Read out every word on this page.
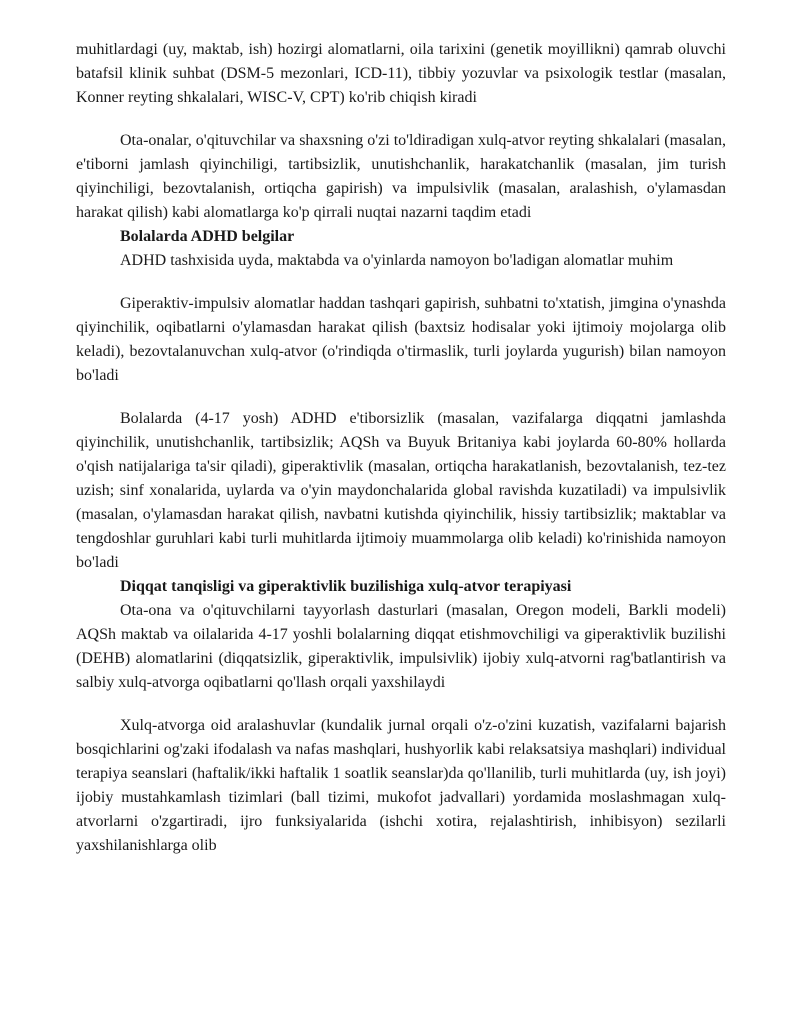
muhitlardagi (uy, maktab, ish) hozirgi alomatlarni, oila tarixini (genetik moyillikni) qamrab oluvchi batafsil klinik suhbat (DSM-5 mezonlari, ICD-11), tibbiy yozuvlar va psixologik testlar (masalan, Konner reyting shkalalari, WISC-V, CPT) ko'rib chiqish kiradi

Ota-onalar, o'qituvchilar va shaxsning o'zi to'ldiradigan xulq-atvor reyting shkalalari (masalan, e'tiborni jamlash qiyinchiligi, tartibsizlik, unutishchanlik, harakatchanlik (masalan, jim turish qiyinchiligi, bezovtalanish, ortiqcha gapirish) va impulsivlik (masalan, aralashish, o'ylamasdan harakat qilish) kabi alomatlarga ko'p qirrali nuqtai nazarni taqdim etadi

Bolalarda ADHD belgilar

ADHD tashxisida uyda, maktabda va o'yinlarda namoyon bo'ladigan alomatlar muhim

Giperaktiv-impulsiv alomatlar haddan tashqari gapirish, suhbatni to'xtatish, jimgina o'ynashda qiyinchilik, oqibatlarni o'ylamasdan harakat qilish (baxtsiz hodisalar yoki ijtimoiy mojolarga olib keladi), bezovtalanuvchan xulq-atvor (o'rindiqda o'tirmaslik, turli joylarda yugurish) bilan namoyon bo'ladi

Bolalarda (4-17 yosh) ADHD e'tiborsizlik (masalan, vazifalarga diqqatni jamlashda qiyinchilik, unutishchanlik, tartibsizlik; AQSh va Buyuk Britaniya kabi joylarda 60-80% hollarda o'qish natijalariga ta'sir qiladi), giperaktivlik (masalan, ortiqcha harakatlanish, bezovtalanish, tez-tez uzish; sinf xonalarida, uylarda va o'yin maydonchalarida global ravishda kuzatiladi) va impulsivlik (masalan, o'ylamasdan harakat qilish, navbatni kutishda qiyinchilik, hissiy tartibsizlik; maktablar va tengdoshlar guruhlari kabi turli muhitlarda ijtimoiy muammolarga olib keladi) ko'rinishida namoyon bo'ladi

Diqqat tanqisligi va giperaktivlik buzilishiga xulq-atvor terapiyasi

Ota-ona va o'qituvchilarni tayyorlash dasturlari (masalan, Oregon modeli, Barkli modeli) AQSh maktab va oilalarida 4-17 yoshli bolalarning diqqat etishmovchiligi va giperaktivlik buzilishi (DEHB) alomatlarini (diqqatsizlik, giperaktivlik, impulsivlik) ijobiy xulq-atvorni rag'batlantirish va salbiy xulq-atvorga oqibatlarni qo'llash orqali yaxshilaydi

Xulq-atvorga oid aralashuvlar (kundalik jurnal orqali o'z-o'zini kuzatish, vazifalarni bajarish bosqichlarini og'zaki ifodalash va nafas mashqlari, hushyorlik kabi relaksatsiya mashqlari) individual terapiya seanslari (haftalik/ikki haftalik 1 soatlik seanslar)da qo'llanilib, turli muhitlarda (uy, ish joyi) ijobiy mustahkamlash tizimlari (ball tizimi, mukofot jadvallari) yordamida moslashmagan xulq-atvorlarni o'zgartiradi, ijro funksiyalarida (ishchi xotira, rejalashtirish, inhibisyon) sezilarli yaxshilanishlarga olib
